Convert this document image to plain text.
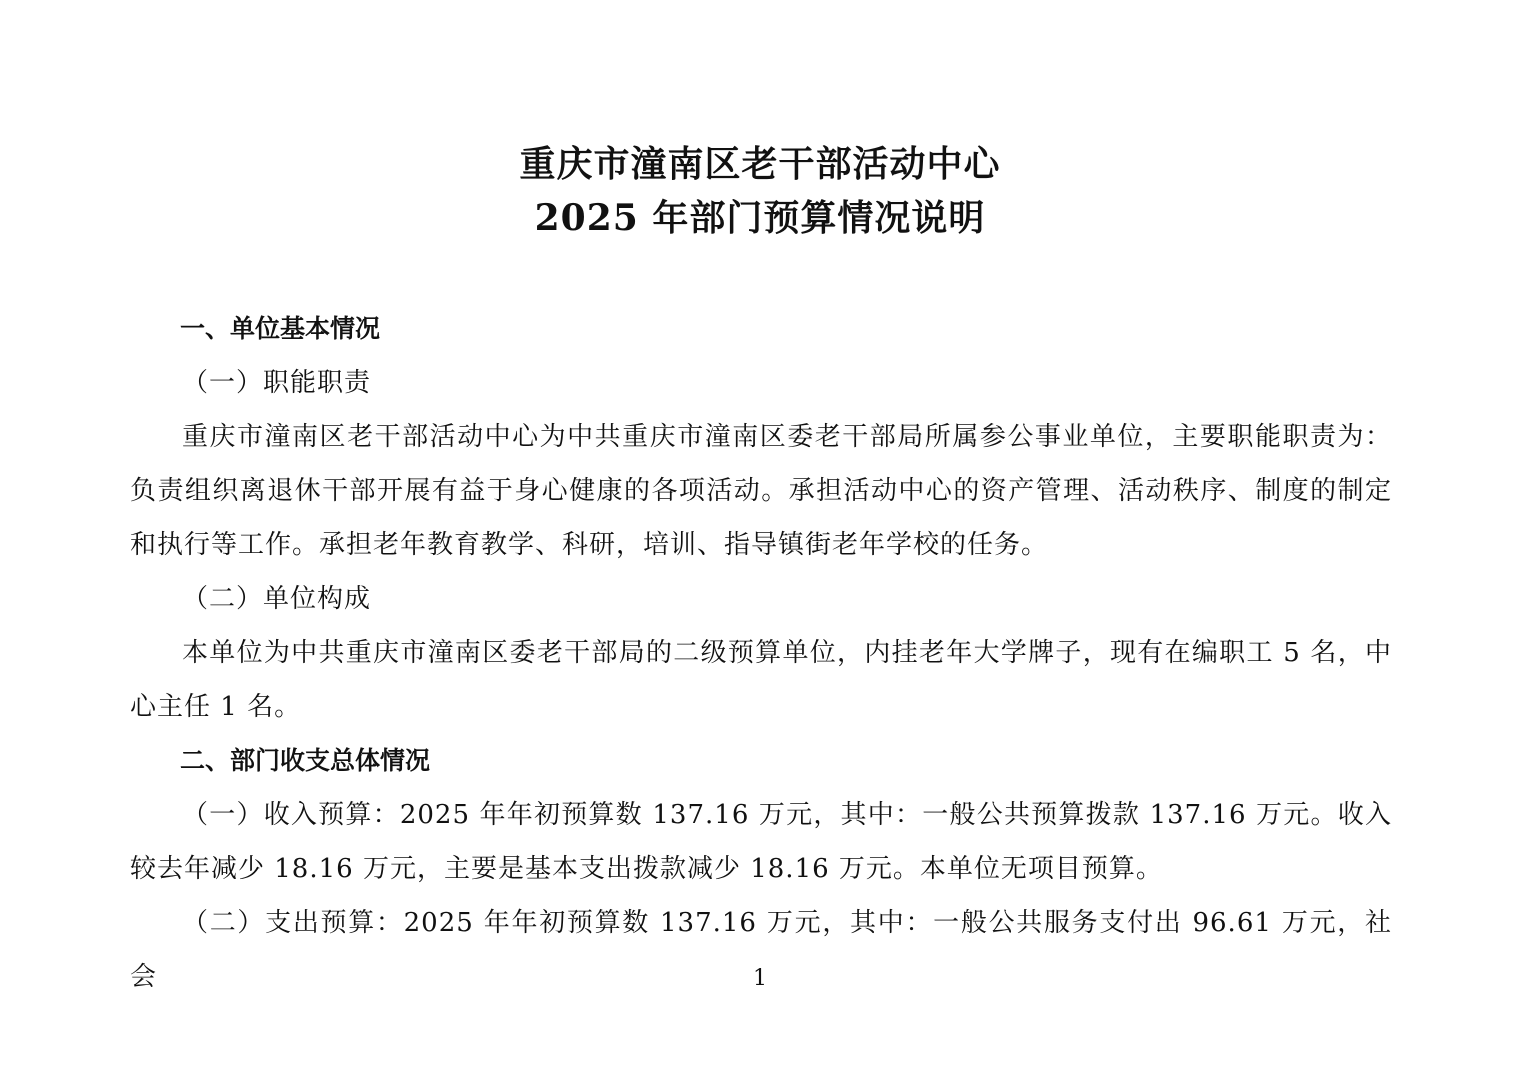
重庆市潼南区老干部活动中心
2025 年部门预算情况说明

一、单位基本情况

（一）职能职责

重庆市潼南区老干部活动中心为中共重庆市潼南区委老干部局所属参公事业单位，主要职能职责为：负责组织离退休干部开展有益于身心健康的各项活动。承担活动中心的资产管理、活动秩序、制度的制定和执行等工作。承担老年教育教学、科研，培训、指导镇街老年学校的任务。

（二）单位构成

本单位为中共重庆市潼南区委老干部局的二级预算单位，内挂老年大学牌子，现有在编职工 5 名，中心主任 1 名。

二、部门收支总体情况

（一）收入预算：2025 年年初预算数 137.16 万元，其中：一般公共预算拨款 137.16 万元。收入较去年减少 18.16 万元，主要是基本支出拨款减少 18.16 万元。本单位无项目预算。

（二）支出预算：2025 年年初预算数 137.16 万元，其中：一般公共服务支付出 96.61 万元，社会	1
